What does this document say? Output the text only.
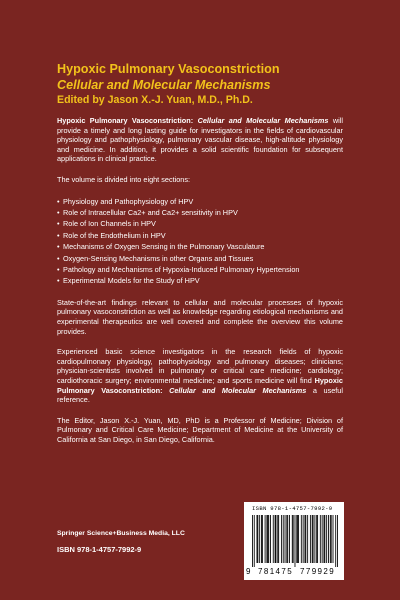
Hypoxic Pulmonary Vasoconstriction
Cellular and Molecular Mechanisms
Edited by Jason X.-J. Yuan, M.D., Ph.D.

Hypoxic Pulmonary Vasoconstriction: Cellular and Molecular Mechanisms will provide a timely and long lasting guide for investigators in the fields of cardiovascular physiology and pathophysiology, pulmonary vascular disease, high-altitude physiology and medicine. In addition, it provides a solid scientific foundation for subsequent applications in clinical practice.

The volume is divided into eight sections:

• Physiology and Pathophysiology of HPV
• Role of Intracellular Ca2+ and Ca2+ sensitivity in HPV
• Role of Ion Channels in HPV
• Role of the Endothelium in HPV
• Mechanisms of Oxygen Sensing in the Pulmonary Vasculature
• Oxygen-Sensing Mechanisms in other Organs and Tissues
• Pathology and Mechanisms of Hypoxia-Induced Pulmonary Hypertension
• Experimental Models for the Study of HPV

State-of-the-art findings relevant to cellular and molecular processes of hypoxic pulmonary vasoconstriction as well as knowledge regarding etiological mechanisms and experimental therapeutics are well covered and complete the overview this volume provides.

Experienced basic science investigators in the research fields of hypoxic cardiopulmonary physiology, pathophysiology and pulmonary diseases; clinicians; physician-scientists involved in pulmonary or critical care medicine; cardiology; cardiothoracic surgery; environmental medicine; and sports medicine will find Hypoxic Pulmonary Vasoconstriction: Cellular and Molecular Mechanisms a useful reference.

The Editor, Jason X.-J. Yuan, MD, PhD is a Professor of Medicine; Division of Pulmonary and Critical Care Medicine; Department of Medicine at the University of California at San Diego, in San Diego, California.

Springer Science+Business Media, LLC
ISBN 978-1-4757-7992-9
ISBN 978-1-4757-7992-9
9 781475 779929
